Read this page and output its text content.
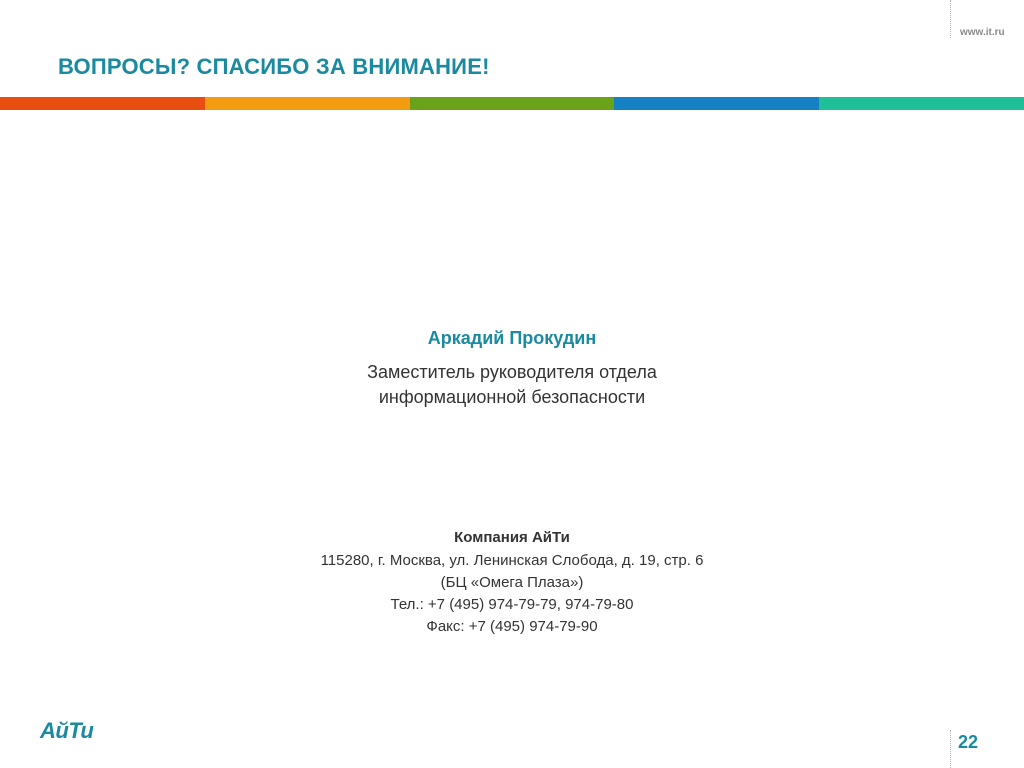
www.it.ru
ВОПРОСЫ? СПАСИБО ЗА ВНИМАНИЕ!
Аркадий Прокудин
Заместитель руководителя отдела
информационной безопасности
Компания АйТи
115280, г. Москва, ул. Ленинская Слобода, д. 19, стр. 6
(БЦ «Омега Плаза»)
Тел.: +7 (495) 974-79-79, 974-79-80
Факс: +7 (495) 974-79-90
АйТи	22
